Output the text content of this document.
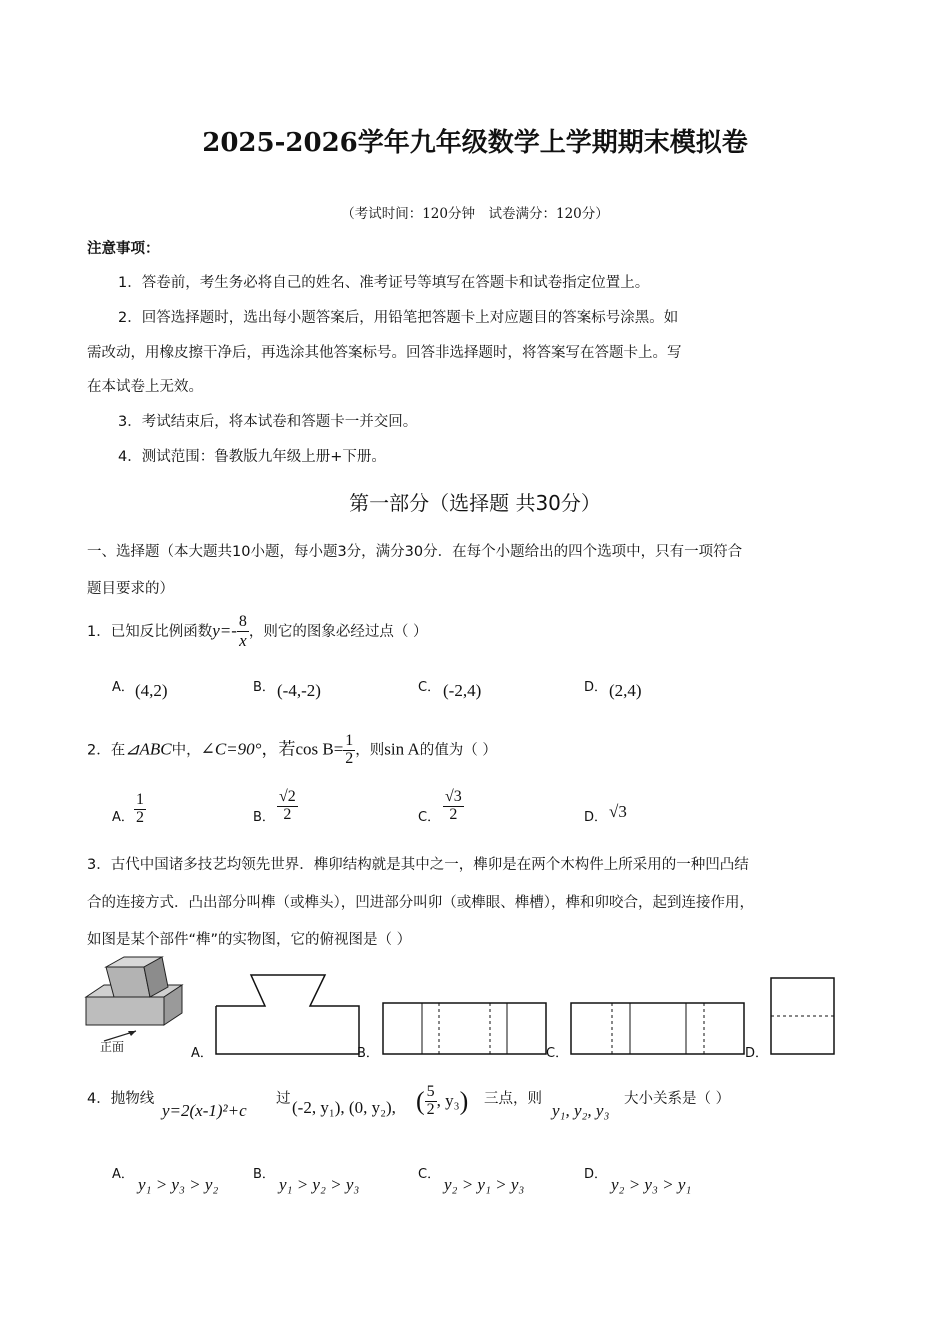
2025-2026学年九年级数学上学期期末模拟卷
（考试时间：120分钟　试卷满分：120分）
注意事项：
1．答卷前，考生务必将自己的姓名、准考证号等填写在答题卡和试卷指定位置上。
2．回答选择题时，选出每小题答案后，用铅笔把答题卡上对应题目的答案标号涂黑。如
需改动，用橡皮擦干净后，再选涂其他答案标号。回答非选择题时，将答案写在答题卡上。写
在本试卷上无效。
3．考试结束后，将本试卷和答题卡一并交回。
4．测试范围：鲁教版九年级上册+下册。
第一部分（选择题 共30分）
一、选择题（本大题共10小题，每小题3分，满分30分．在每个小题给出的四个选项中，只有一项符合
题目要求的）
1．已知反比例函数$y=- \frac{8}{x}$ ，则它的图象必经过点（ ）
A． (4,2)	B． (-4,-2)	C． (-2,4)	D． (2,4)
2．在⊿ABC中，∠C=90°，若$\cos B= \frac{1}{2}$ ，则sin A的值为（ ）
A． $\frac{1}{2}$	B． $\frac{√2}{2}$	C． $\frac{√3}{2}$	D． √3
3．古代中国诸多技艺均领先世界．榫卯结构就是其中之一，榫卯是在两个木构件上所采用的一种凹凸结
合的连接方式．凸出部分叫榫（或榫头），凹进部分叫卯（或榫眼、榫槽），榫和卯咬合，起到连接作用，
如图是某个部件“榫”的实物图，它的俯视图是（ ）
正面	A．	B．	C．	D．
4．抛物线
y=2(x-1)²+c
过 (-2, y₁), (0, y₂), ( $\frac{5}{2}$ , y₃) 三点，则
y₁, y₂, y₃
大小关系是（ ）
A．
y₁ > y₃ > y₂
B．
y₁ > y₂ > y₃
C．
y₂ > y₁ > y₃
D．
y₂ > y₃ > y₁
